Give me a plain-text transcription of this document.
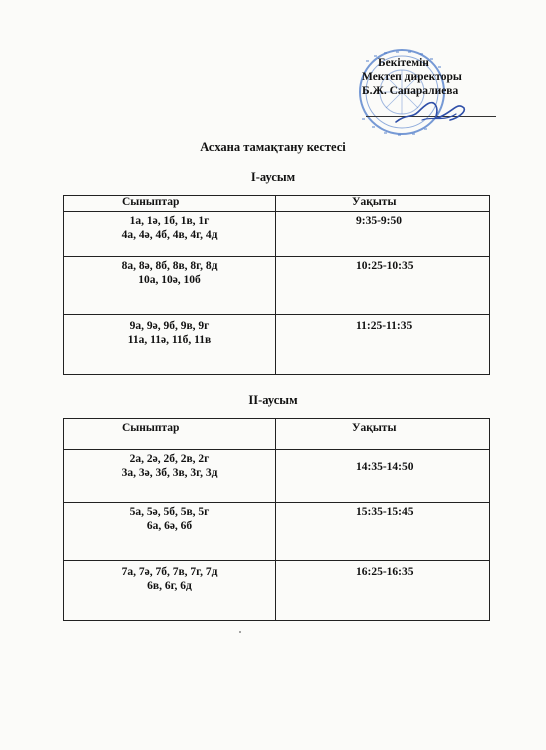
Бекітемін
Мектеп директоры
Б.Ж. Сапаралиева
Асхана тамақтану кестесі
І-аусым
Сыныптар	Уақыты

1а, 1ә, 1б, 1в, 1г
4а, 4ә, 4б, 4в, 4г, 4д	9:35-9:50

8а, 8ә, 8б, 8в, 8г, 8д
10а, 10ә, 10б	10:25-10:35

9а, 9ә, 9б, 9в, 9г
11а, 11ә, 11б, 11в	11:25-11:35
ІІ-аусым
Сыныптар	Уақыты

2а, 2ә, 2б, 2в, 2г
3а, 3ә, 3б, 3в, 3г, 3д	14:35-14:50

5а, 5ә, 5б, 5в, 5г
6а, 6ә, 6б	15:35-15:45

7а, 7ә, 7б, 7в, 7г, 7д
6в, 6г, 6д	16:25-16:35
